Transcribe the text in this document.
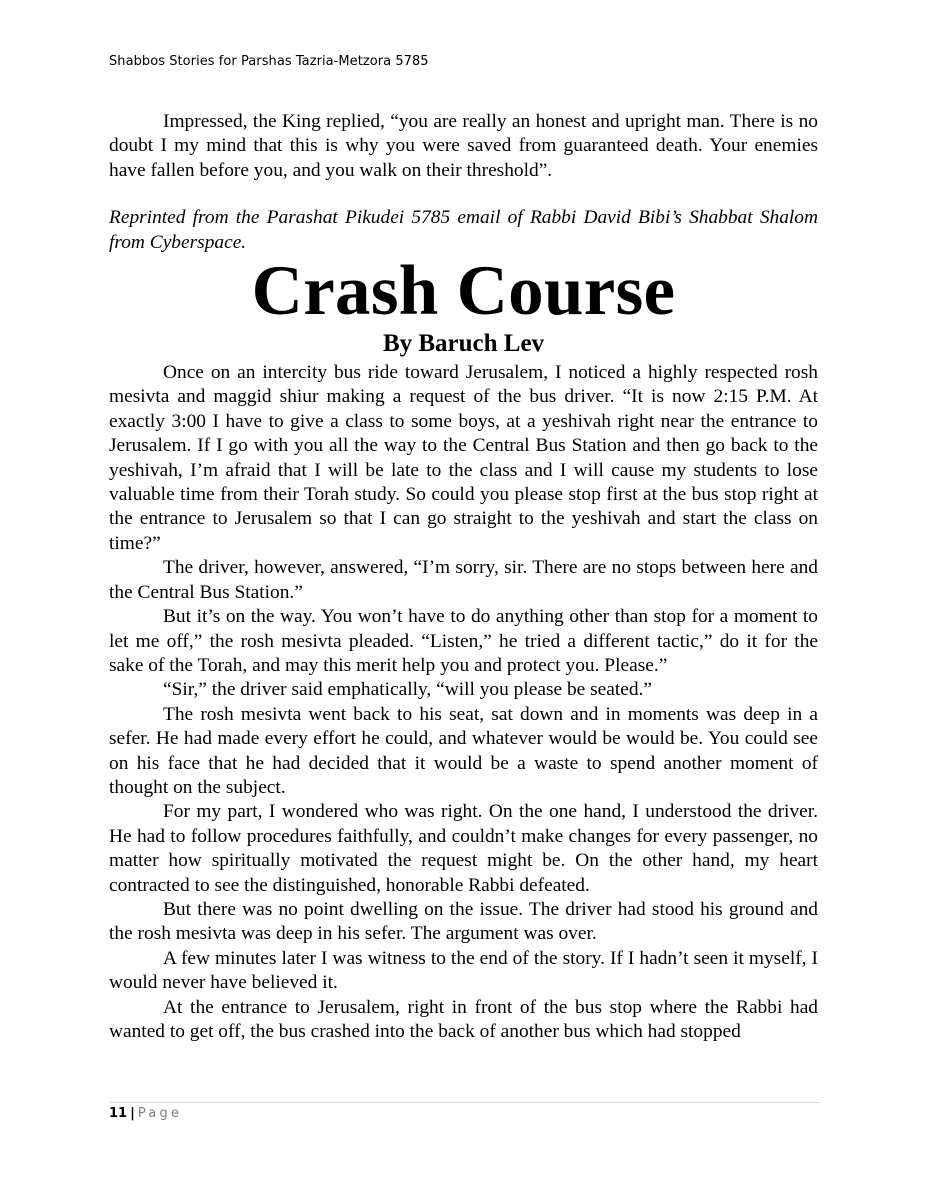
Shabbos Stories for Parshas Tazria-Metzora 5785

Impressed, the King replied, “you are really an honest and upright man. There is no doubt I my mind that this is why you were saved from guaranteed death. Your enemies have fallen before you, and you walk on their threshold”.

Reprinted from the Parashat Pikudei 5785 email of Rabbi David Bibi’s Shabbat Shalom from Cyberspace.

Crash Course
By Baruch Lev

Once on an intercity bus ride toward Jerusalem, I noticed a highly respected rosh mesivta and maggid shiur making a request of the bus driver. “It is now 2:15 P.M. At exactly 3:00 I have to give a class to some boys, at a yeshivah right near the entrance to Jerusalem. If I go with you all the way to the Central Bus Station and then go back to the yeshivah, I’m afraid that I will be late to the class and I will cause my students to lose valuable time from their Torah study. So could you please stop first at the bus stop right at the entrance to Jerusalem so that I can go straight to the yeshivah and start the class on time?”

The driver, however, answered, “I’m sorry, sir. There are no stops between here and the Central Bus Station.”

But it’s on the way. You won’t have to do anything other than stop for a moment to let me off,” the rosh mesivta pleaded. “Listen,” he tried a different tactic,” do it for the sake of the Torah, and may this merit help you and protect you. Please.”

“Sir,” the driver said emphatically, “will you please be seated.”

The rosh mesivta went back to his seat, sat down and in moments was deep in a sefer. He had made every effort he could, and whatever would be would be. You could see on his face that he had decided that it would be a waste to spend another moment of thought on the subject.

For my part, I wondered who was right. On the one hand, I understood the driver. He had to follow procedures faithfully, and couldn’t make changes for every passenger, no matter how spiritually motivated the request might be. On the other hand, my heart contracted to see the distinguished, honorable Rabbi defeated.

But there was no point dwelling on the issue. The driver had stood his ground and the rosh mesivta was deep in his sefer. The argument was over.

A few minutes later I was witness to the end of the story. If I hadn’t seen it myself, I would never have believed it.

At the entrance to Jerusalem, right in front of the bus stop where the Rabbi had wanted to get off, the bus crashed into the back of another bus which had stopped

11 | Page
